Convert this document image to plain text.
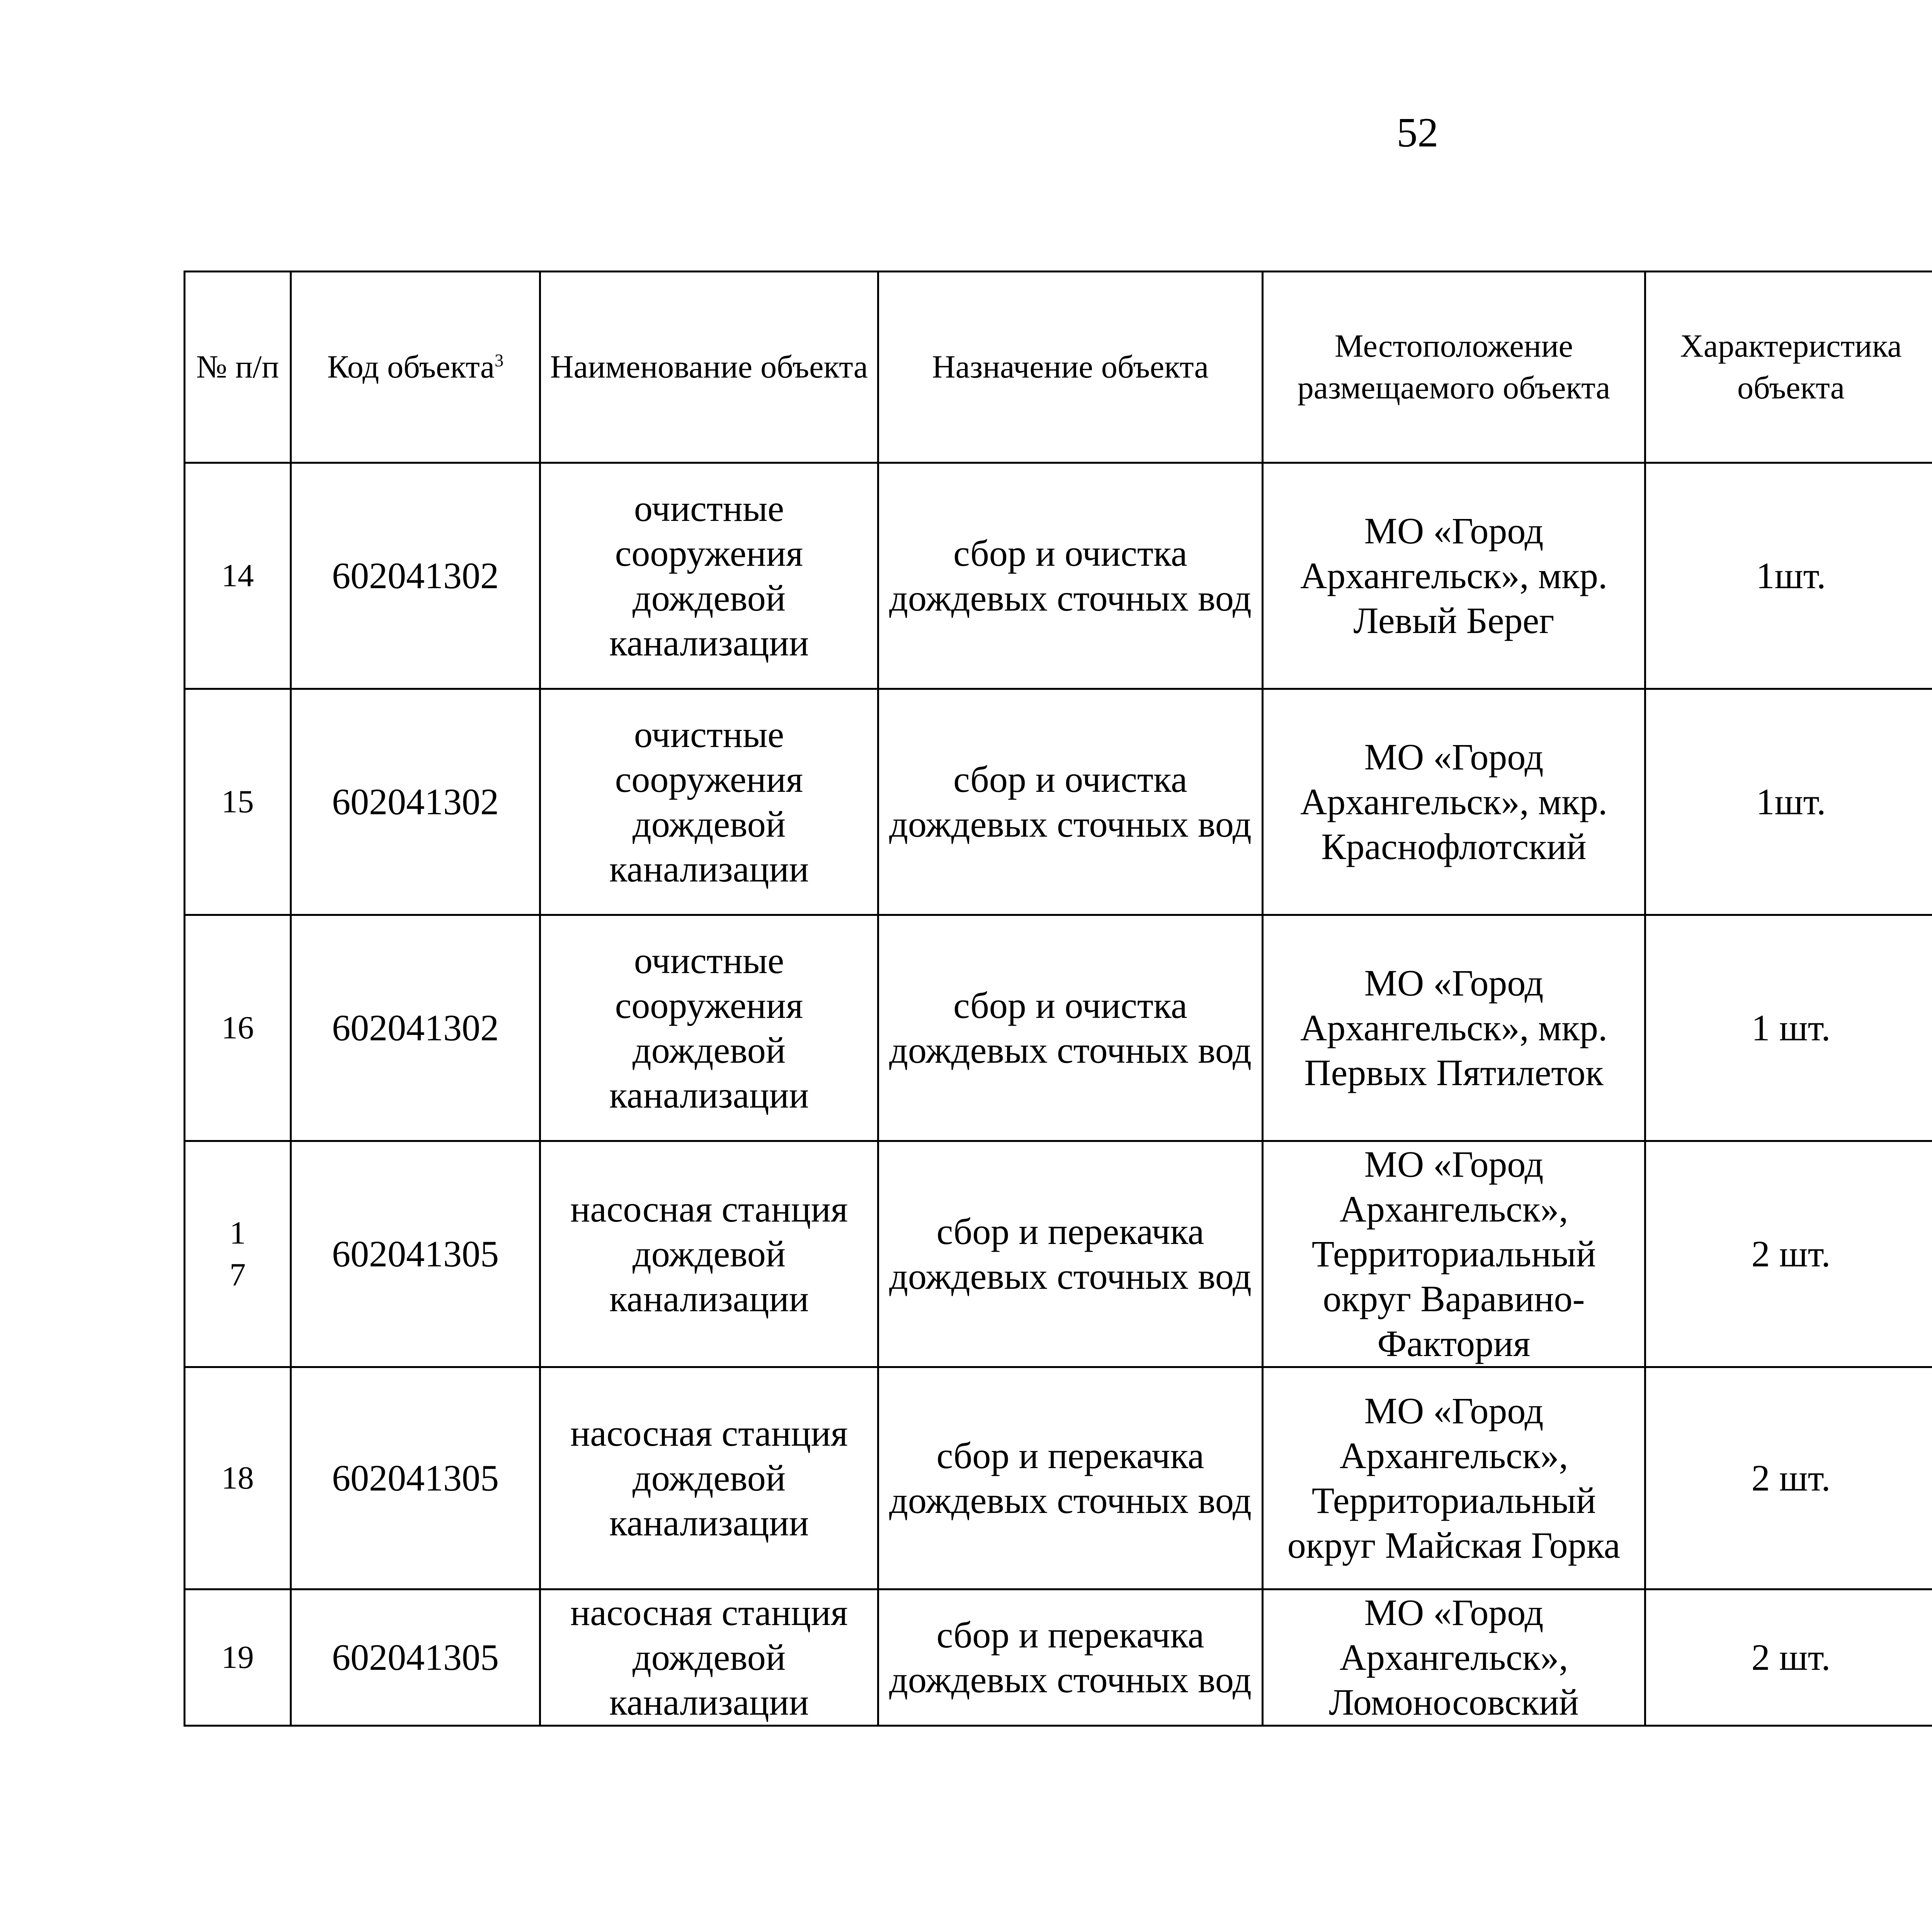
52
№ п/п	Код объекта$^3$	Наименование объекта	Назначение объекта	Местоположение размещаемого объекта	Характеристика объекта	
14	602041302	очистные сооружения дождевой канализации	сбор и очистка дождевых сточных вод	МО «Город Архангельск», мкр. Левый Берег	1шт.	
15	602041302	очистные сооружения дождевой канализации	сбор и очистка дождевых сточных вод	МО «Город Архангельск», мкр. Краснофлотский	1шт.	
16	602041302	очистные сооружения дождевой канализации	сбор и очистка дождевых сточных вод	МО «Город Архангельск», мкр. Первых Пятилеток	1 шт.	
17	602041305	насосная станция дождевой канализации	сбор и перекачка дождевых сточных вод	МО «Город Архангельск», Территориальный округ Варавино-Фактория	2 шт.	
18	602041305	насосная станция дождевой канализации	сбор и перекачка дождевых сточных вод	МО «Город Архангельск», Территориальный округ Майская Горка	2 шт.	
19	602041305	насосная станция дождевой канализации	сбор и перекачка дождевых сточных вод	МО «Город Архангельск», Ломоносовский	2 шт.	
